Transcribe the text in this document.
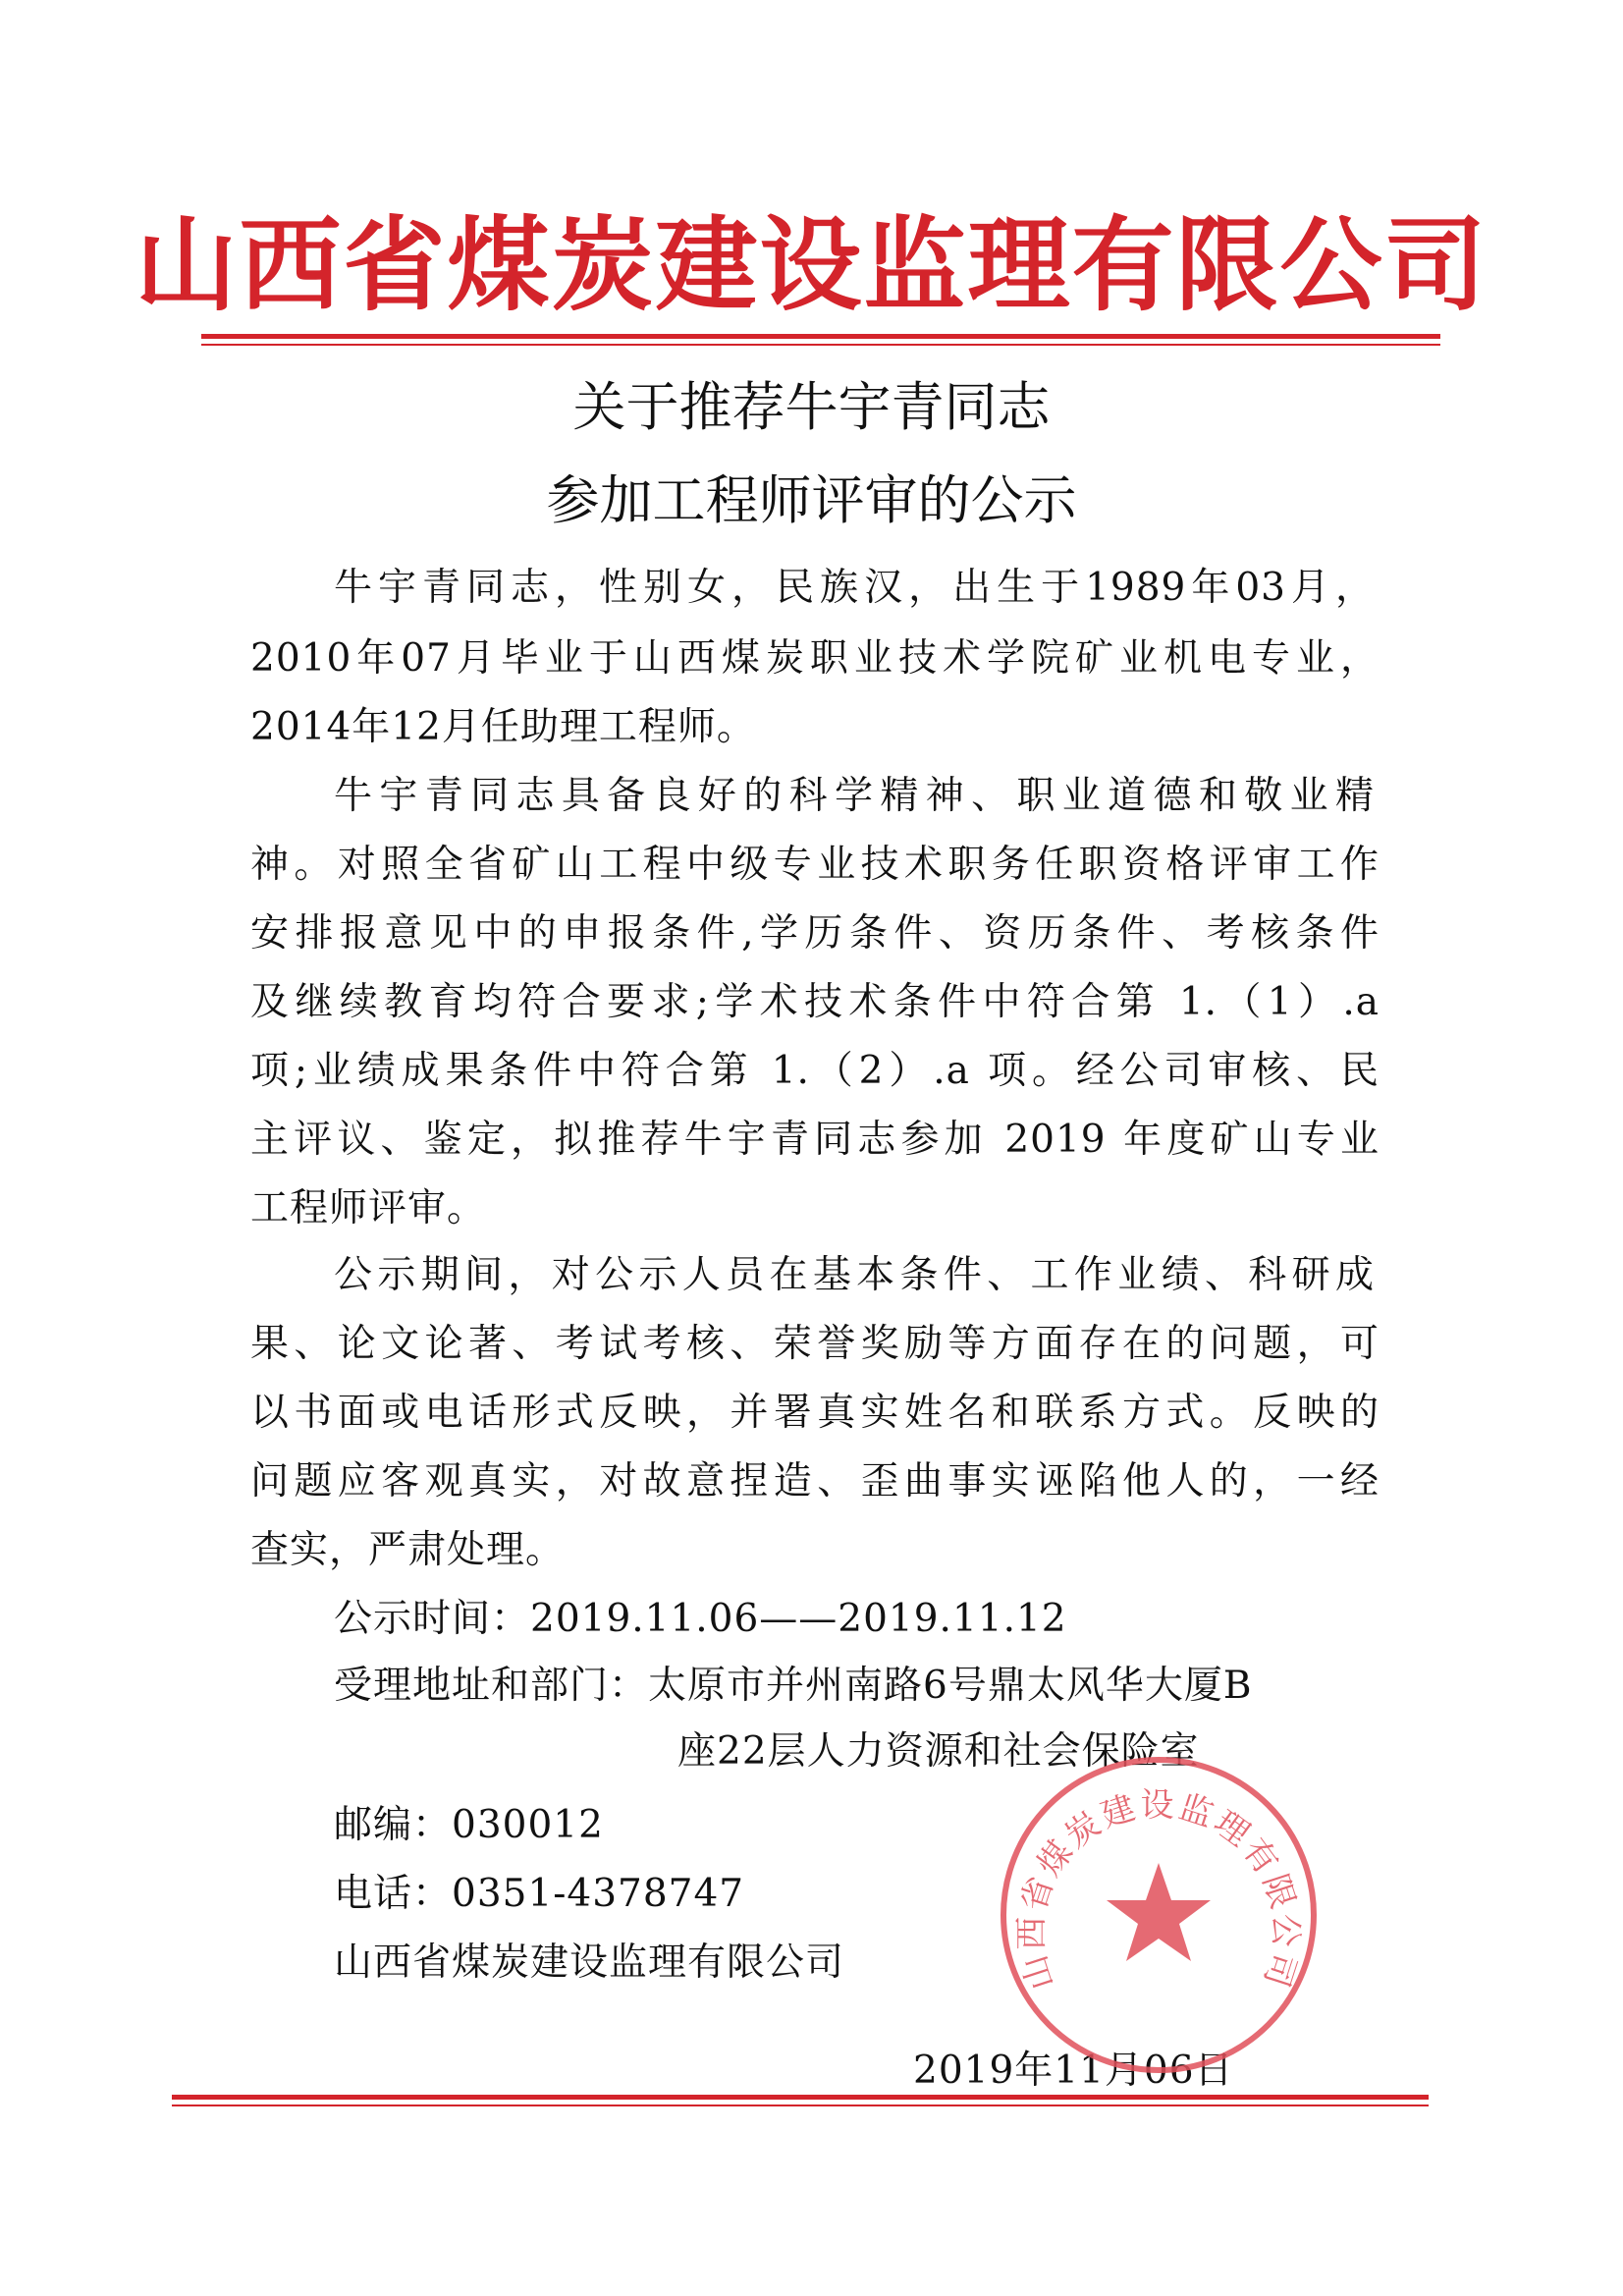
山西省煤炭建设监理有限公司
关于推荐牛宇青同志
参加工程师评审的公示
牛宇青同志，性别女，民族汉，出生于1989年03月，
2010年07月毕业于山西煤炭职业技术学院矿业机电专业，
2014年12月任助理工程师。
牛宇青同志具备良好的科学精神、职业道德和敬业精
神。对照全省矿山工程中级专业技术职务任职资格评审工作
安排报意见中的申报条件,学历条件、资历条件、考核条件
及继续教育均符合要求;学术技术条件中符合第 1.（1）.a
项;业绩成果条件中符合第 1.（2）.a 项。经公司审核、民
主评议、鉴定，拟推荐牛宇青同志参加 2019 年度矿山专业
工程师评审。
公示期间，对公示人员在基本条件、工作业绩、科研成
果、论文论著、考试考核、荣誉奖励等方面存在的问题，可
以书面或电话形式反映，并署真实姓名和联系方式。反映的
问题应客观真实，对故意捏造、歪曲事实诬陷他人的，一经
查实，严肃处理。
公示时间：2019.11.06——2019.11.12
受理地址和部门：太原市并州南路6号鼎太风华大厦B
座22层人力资源和社会保险室
邮编：030012
电话：0351-4378747
山西省煤炭建设监理有限公司
2019年11月06日
山西省煤炭建设监理有限公司
